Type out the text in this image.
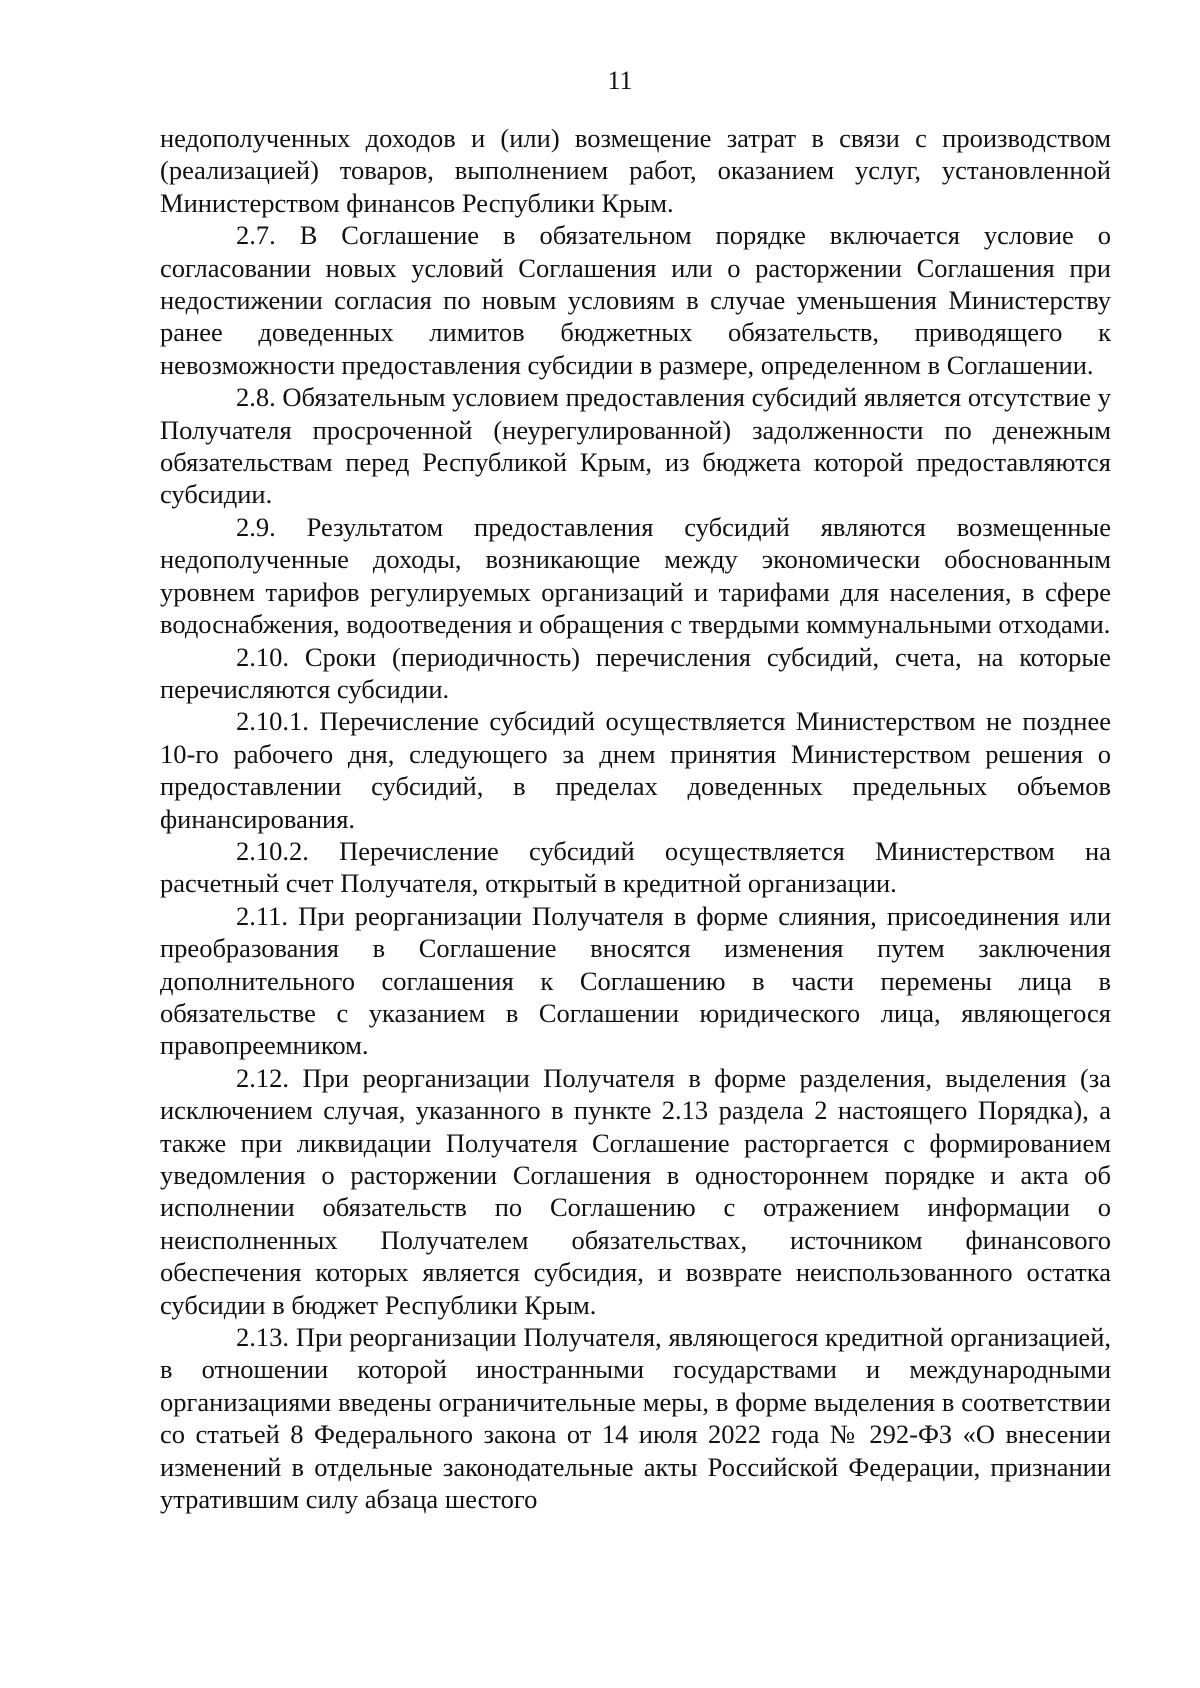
11

недополученных доходов и (или) возмещение затрат в связи с производством (реализацией) товаров, выполнением работ, оказанием услуг, установленной Министерством финансов Республики Крым.

2.7. В Соглашение в обязательном порядке включается условие о согласовании новых условий Соглашения или о расторжении Соглашения при недостижении согласия по новым условиям в случае уменьшения Министерству ранее доведенных лимитов бюджетных обязательств, приводящего к невозможности предоставления субсидии в размере, определенном в Соглашении.

2.8. Обязательным условием предоставления субсидий является отсутствие у Получателя просроченной (неурегулированной) задолженности по денежным обязательствам перед Республикой Крым, из бюджета которой предоставляются субсидии.

2.9. Результатом предоставления субсидий являются возмещенные недополученные доходы, возникающие между экономически обоснованным уровнем тарифов регулируемых организаций и тарифами для населения, в сфере водоснабжения, водоотведения и обращения с твердыми коммунальными отходами.

2.10. Сроки (периодичность) перечисления субсидий, счета, на которые перечисляются субсидии.

2.10.1. Перечисление субсидий осуществляется Министерством не позднее 10-го рабочего дня, следующего за днем принятия Министерством решения о предоставлении субсидий, в пределах доведенных предельных объемов финансирования.

2.10.2. Перечисление субсидий осуществляется Министерством на расчетный счет Получателя, открытый в кредитной организации.

2.11. При реорганизации Получателя в форме слияния, присоединения или преобразования в Соглашение вносятся изменения путем заключения дополнительного соглашения к Соглашению в части перемены лица в обязательстве с указанием в Соглашении юридического лица, являющегося правопреемником.

2.12. При реорганизации Получателя в форме разделения, выделения (за исключением случая, указанного в пункте 2.13 раздела 2 настоящего Порядка), а также при ликвидации Получателя Соглашение расторгается с формированием уведомления о расторжении Соглашения в одностороннем порядке и акта об исполнении обязательств по Соглашению с отражением информации о неисполненных Получателем обязательствах, источником финансового обеспечения которых является субсидия, и возврате неиспользованного остатка субсидии в бюджет Республики Крым.

2.13. При реорганизации Получателя, являющегося кредитной организацией, в отношении которой иностранными государствами и международными организациями введены ограничительные меры, в форме выделения в соответствии со статьей 8 Федерального закона от 14 июля 2022 года № 292-ФЗ «О внесении изменений в отдельные законодательные акты Российской Федерации, признании утратившим силу абзаца шестого
